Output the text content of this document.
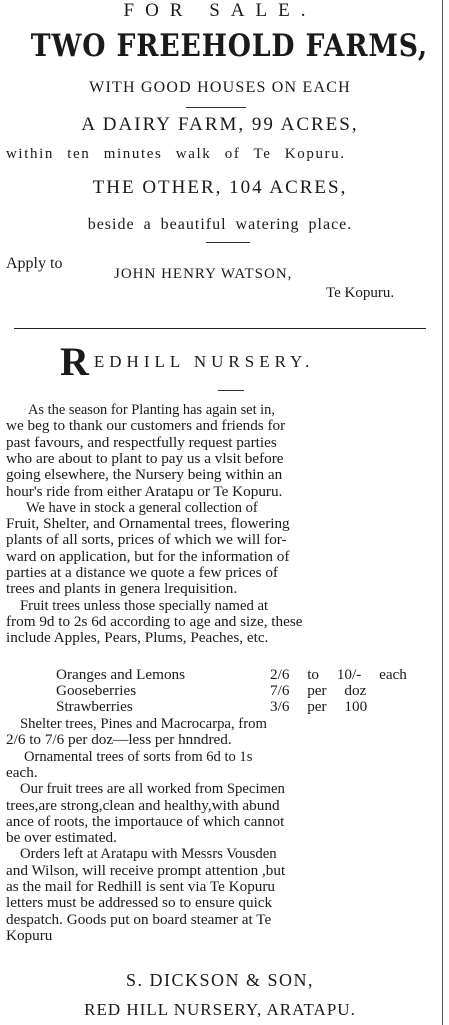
FOR SALE.
TWO FREEHOLD FARMS,
WITH GOOD HOUSES ON EACH
A DAIRY FARM, 99 ACRES,
within ten minutes walk of Te Kopuru.
THE OTHER, 104 ACRES,
beside a beautiful watering place.
Apply to
JOHN HENRY WATSON,
Te Kopuru.
REDHILL NURSERY.
As the season for Planting has again set in,
we beg to thank our customers and friends for
past favours, and respectfully request parties
who are about to plant to pay us a vlsit before
going elsewhere, the Nursery being within an
hour's ride from either Aratapu or Te Kopuru.
We have in stock a general collection of
Fruit, Shelter, and Ornamental trees, flowering
plants of all sorts, prices of which we will for-
ward on application, but for the information of
parties at a distance we quote a few prices of
trees and plants in genera lrequisition.
Fruit trees unless those specially named at
from 9d to 2s 6d according to age and size, these
include Apples, Pears, Plums, Peaches, etc.
Oranges and Lemons	2/6 to 10/- each
Gooseberries	7/6 per doz
Strawberries	3/6 per 100
Shelter trees, Pines and Macrocarpa, from
2/6 to 7/6 per doz—less per hnndred.
Ornamental trees of sorts from 6d to 1s
each.
Our fruit trees are all worked from Specimen
trees,are strong,clean and healthy,with abund
ance of roots, the importauce of which cannot
be over estimated.
Orders left at Aratapu with Messrs Vousden
and Wilson, will receive prompt attention ,but
as the mail for Redhill is sent via Te Kopuru
letters must be addressed so to ensure quick
despatch. Goods put on board steamer at Te
Kopuru
S. DICKSON & SON,
RED HILL NURSERY, ARATAPU.
